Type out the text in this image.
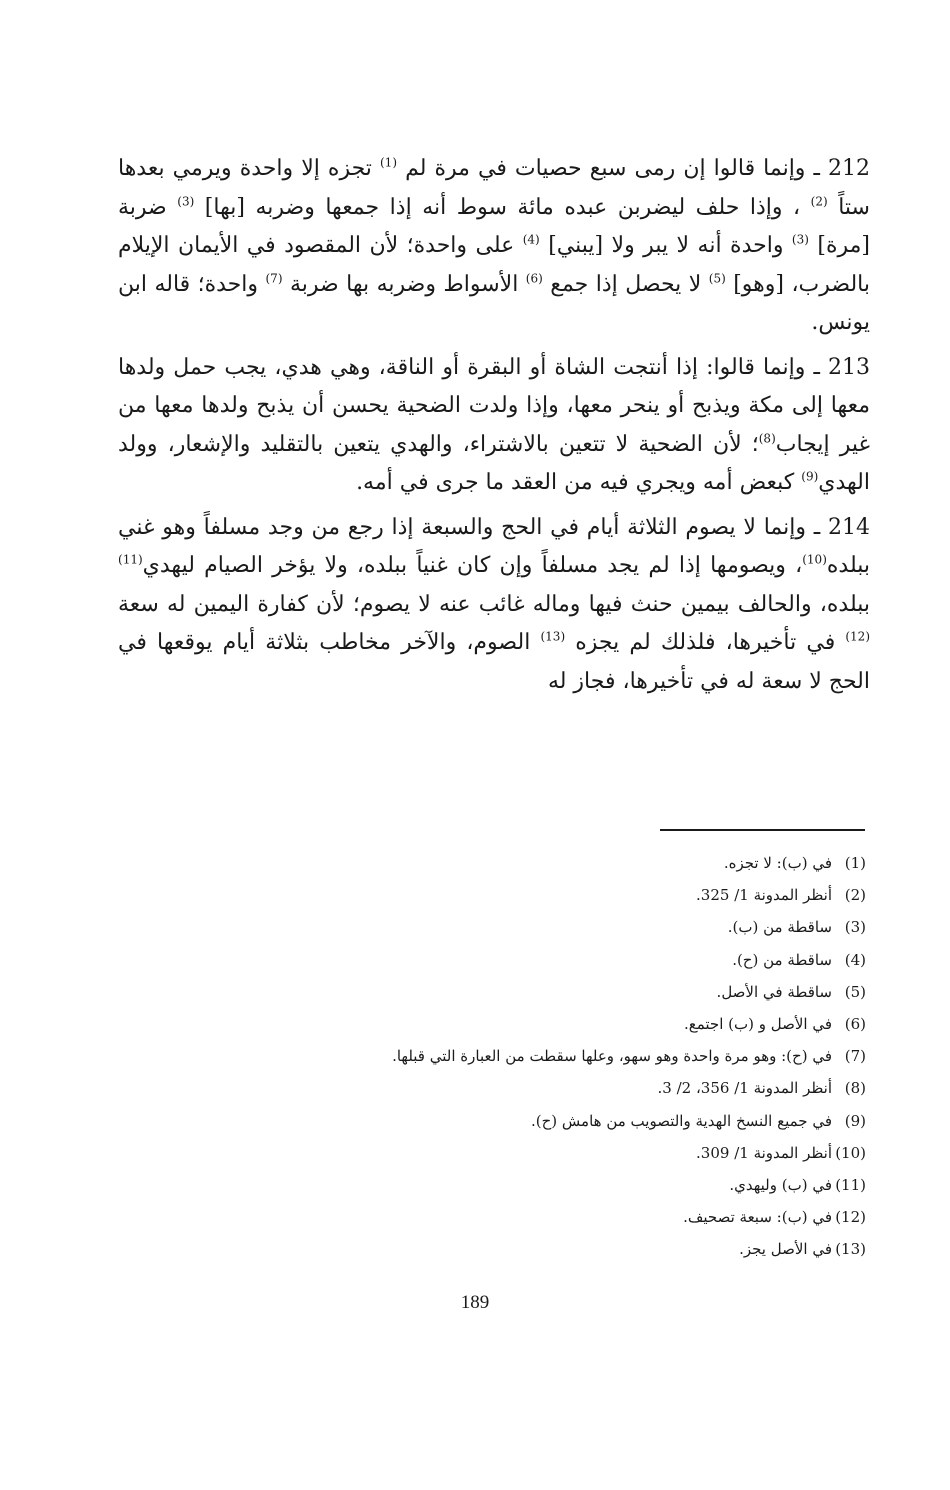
212 ـ وإنما قالوا إن رمى سبع حصيات في مرة لم $^{(1)}$ تجزه إلا واحدة ويرمي بعدها ستاً $^{(2)}$ ، وإذا حلف ليضربن عبده مائة سوط أنه إذا جمعها وضربه [بها] $^{(3)}$ ضربة [مرة] $^{(3)}$ واحدة أنه لا يبر ولا [يبني] $^{(4)}$ على واحدة؛ لأن المقصود في الأيمان الإيلام بالضرب، [وهو] $^{(5)}$ لا يحصل إذا جمع $^{(6)}$ الأسواط وضربه بها ضربة $^{(7)}$ واحدة؛ قاله ابن يونس.

213 ـ وإنما قالوا: إذا أنتجت الشاة أو البقرة أو الناقة، وهي هدي، يجب حمل ولدها معها إلى مكة ويذبح أو ينحر معها، وإذا ولدت الضحية يحسن أن يذبح ولدها معها من غير إيجاب$^{(8)}$؛ لأن الضحية لا تتعين بالاشتراء، والهدي يتعين بالتقليد والإشعار، وولد الهدي$^{(9)}$ كبعض أمه ويجري فيه من العقد ما جرى في أمه.

214 ـ وإنما لا يصوم الثلاثة أيام في الحج والسبعة إذا رجع من وجد مسلفاً وهو غني ببلده$^{(10)}$، ويصومها إذا لم يجد مسلفاً وإن كان غنياً ببلده، ولا يؤخر الصيام ليهدي$^{(11)}$ ببلده، والحالف بيمين حنث فيها وماله غائب عنه لا يصوم؛ لأن كفارة اليمين له سعة $^{(12)}$ في تأخيرها، فلذلك لم يجزه $^{(13)}$ الصوم، والآخر مخاطب بثلاثة أيام يوقعها في الحج لا سعة له في تأخيرها، فجاز له

(1)في (ب): لا تجزه.
(2)أنظر المدونة 1/ 325.
(3)ساقطة من (ب).
(4)ساقطة من (ح).
(5)ساقطة في الأصل.
(6)في الأصل و (ب) اجتمع.
(7)في (ح): وهو مرة واحدة وهو سهو، وعلها سقطت من العبارة التي قبلها.
(8)أنظر المدونة 1/ 356، 2/ 3.
(9)في جميع النسخ الهدية والتصويب من هامش (ح).
(10)أنظر المدونة 1/ 309.
(11)في (ب) وليهدي.
(12)في (ب): سبعة تصحيف.
(13)في الأصل يجز.
189
